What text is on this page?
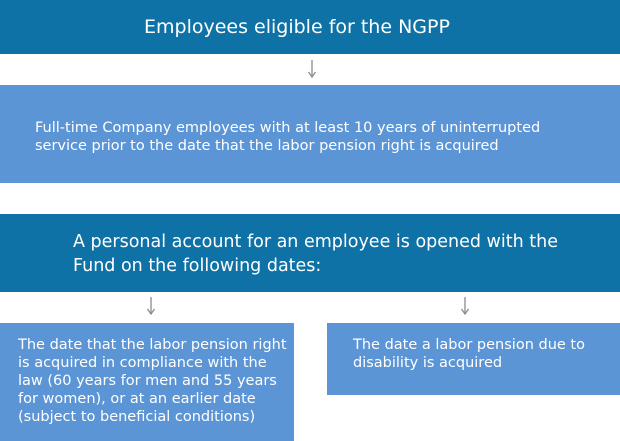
Employees eligible for the NGPP
Full-time Company employees with at least 10 years of uninterrupted
service prior to the date that the labor pension right is acquired
A personal account for an employee is opened with the
Fund on the following dates:
The date that the labor pension right
is acquired in compliance with the
law (60 years for men and 55 years
for women), or at an earlier date
(subject to beneficial conditions)
The date a labor pension due to
disability is acquired
